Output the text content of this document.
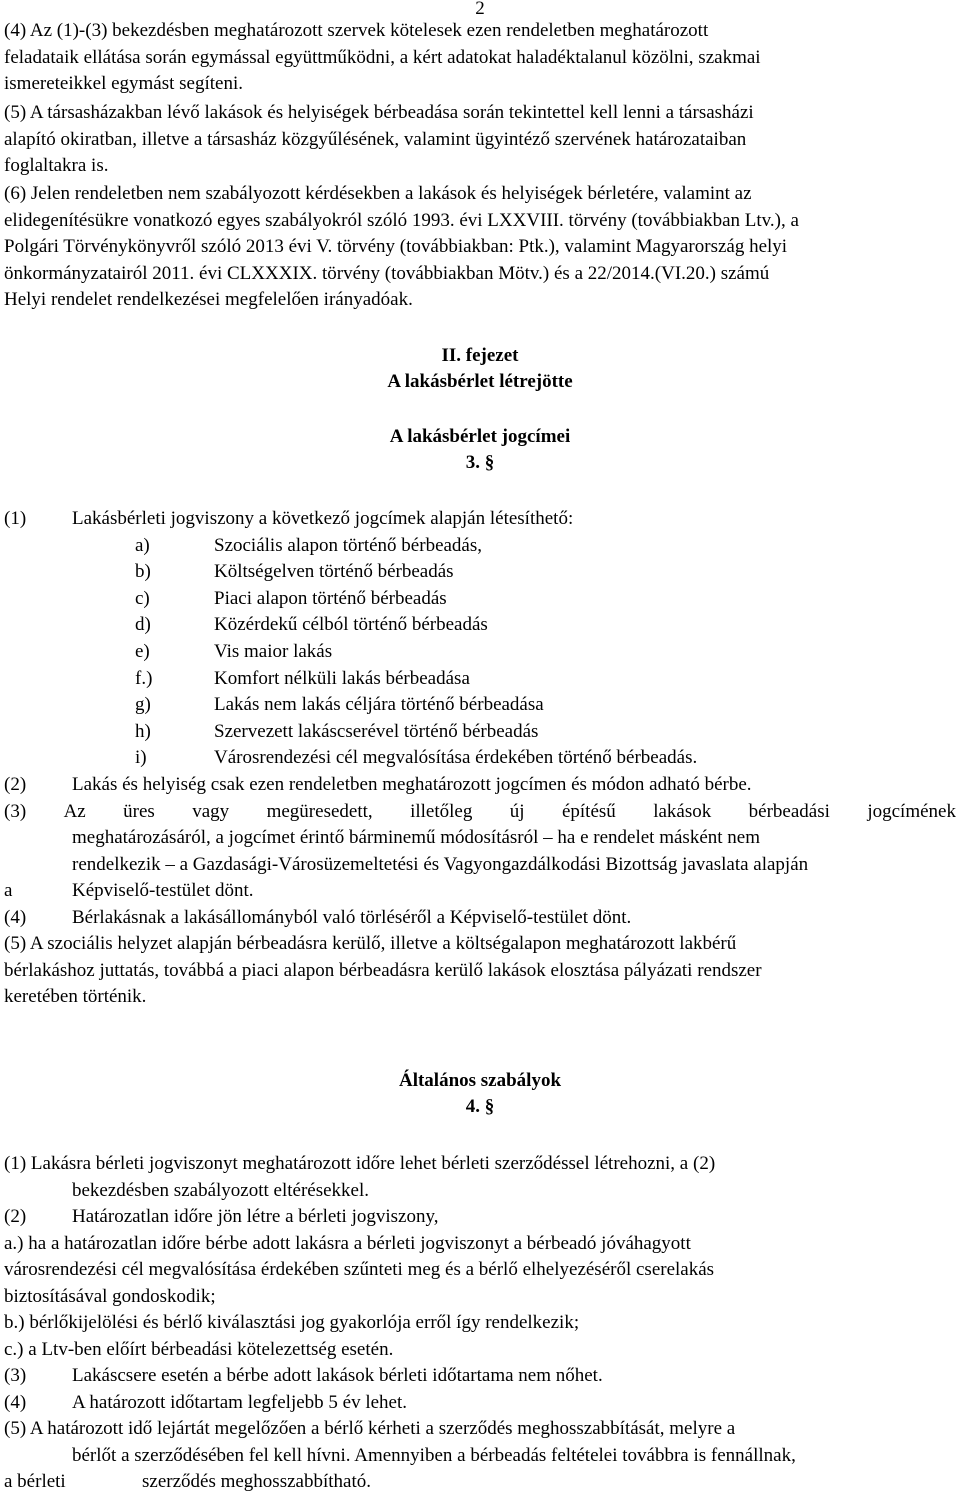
2
(4) Az (1)-(3) bekezdésben meghatározott szervek kötelesek ezen rendeletben meghatározott
feladataik ellátása során egymással együttműködni, a kért adatokat haladéktalanul közölni, szakmai
ismereteikkel egymást segíteni.
(5) A társasházakban lévő lakások és helyiségek bérbeadása során tekintettel kell lenni a társasházi
alapító okiratban, illetve a társasház közgyűlésének, valamint ügyintéző szervének határozataiban
foglaltakra is.
(6) Jelen rendeletben nem szabályozott kérdésekben a lakások és helyiségek bérletére, valamint az
elidegenítésükre vonatkozó egyes szabályokról szóló 1993. évi LXXVIII. törvény (továbbiakban Ltv.), a
Polgári Törvénykönyvről szóló 2013 évi V. törvény (továbbiakban: Ptk.), valamint Magyarország helyi
önkormányzatairól 2011. évi CLXXXIX. törvény (továbbiakban Mötv.) és a 22/2014.(VI.20.) számú
Helyi rendelet rendelkezései megfelelően irányadóak.
II. fejezet
A lakásbérlet létrejötte
A lakásbérlet jogcímei
3. §
(1) Lakásbérleti jogviszony a következő jogcímek alapján létesíthető:
a)	Szociális alapon történő bérbeadás,
b)	Költségelven történő bérbeadás
c)	Piaci alapon történő bérbeadás
d)	Közérdekű célból történő bérbeadás
e)	Vis maior lakás
f.)	Komfort nélküli lakás bérbeadása
g)	Lakás nem lakás céljára történő bérbeadása
h)	Szervezett lakáscserével történő bérbeadás
i)	Városrendezési cél megvalósítása érdekében történő bérbeadás.
(2) Lakás és helyiség csak ezen rendeletben meghatározott jogcímen és módon adható bérbe.
(3) Az üres vagy megüresedett, illetőleg új építésű lakások bérbeadási jogcímének
meghatározásáról, a jogcímet érintő bárminemű módosításról – ha e rendelet másként nem
rendelkezik – a Gazdasági-Városüzemeltetési és Vagyongazdálkodási Bizottság javaslata alapján
a	Képviselő-testület dönt.
(4) Bérlakásnak a lakásállományból való törléséről a Képviselő-testület dönt.
(5) A szociális helyzet alapján bérbeadásra kerülő, illetve a költségalapon meghatározott lakbérű
bérlakáshoz juttatás, továbbá a piaci alapon bérbeadásra kerülő lakások elosztása pályázati rendszer
keretében történik.
Általános szabályok
4. §
(1) Lakásra bérleti jogviszonyt meghatározott időre lehet bérleti szerződéssel létrehozni, a (2)
bekezdésben szabályozott eltérésekkel.
(2) Határozatlan időre jön létre a bérleti jogviszony,
a.) ha a határozatlan időre bérbe adott lakásra a bérleti jogviszonyt a bérbeadó jóváhagyott
városrendezési cél megvalósítása érdekében szűnteti meg és a bérlő elhelyezéséről cserelakás
biztosításával gondoskodik;
b.) bérlőkijelölési és bérlő kiválasztási jog gyakorlója erről így rendelkezik;
c.) a Ltv-ben előírt bérbeadási kötelezettség esetén.
(3) Lakáscsere esetén a bérbe adott lakások bérleti időtartama nem nőhet.
(4) A határozott időtartam legfeljebb 5 év lehet.
(5) A határozott idő lejártát megelőzően a bérlő kérheti a szerződés meghosszabbítását, melyre a
bérlőt a szerződésében fel kell hívni. Amennyiben a bérbeadás feltételei továbbra is fennállnak,
a bérleti	szerződés meghosszabbítható.
